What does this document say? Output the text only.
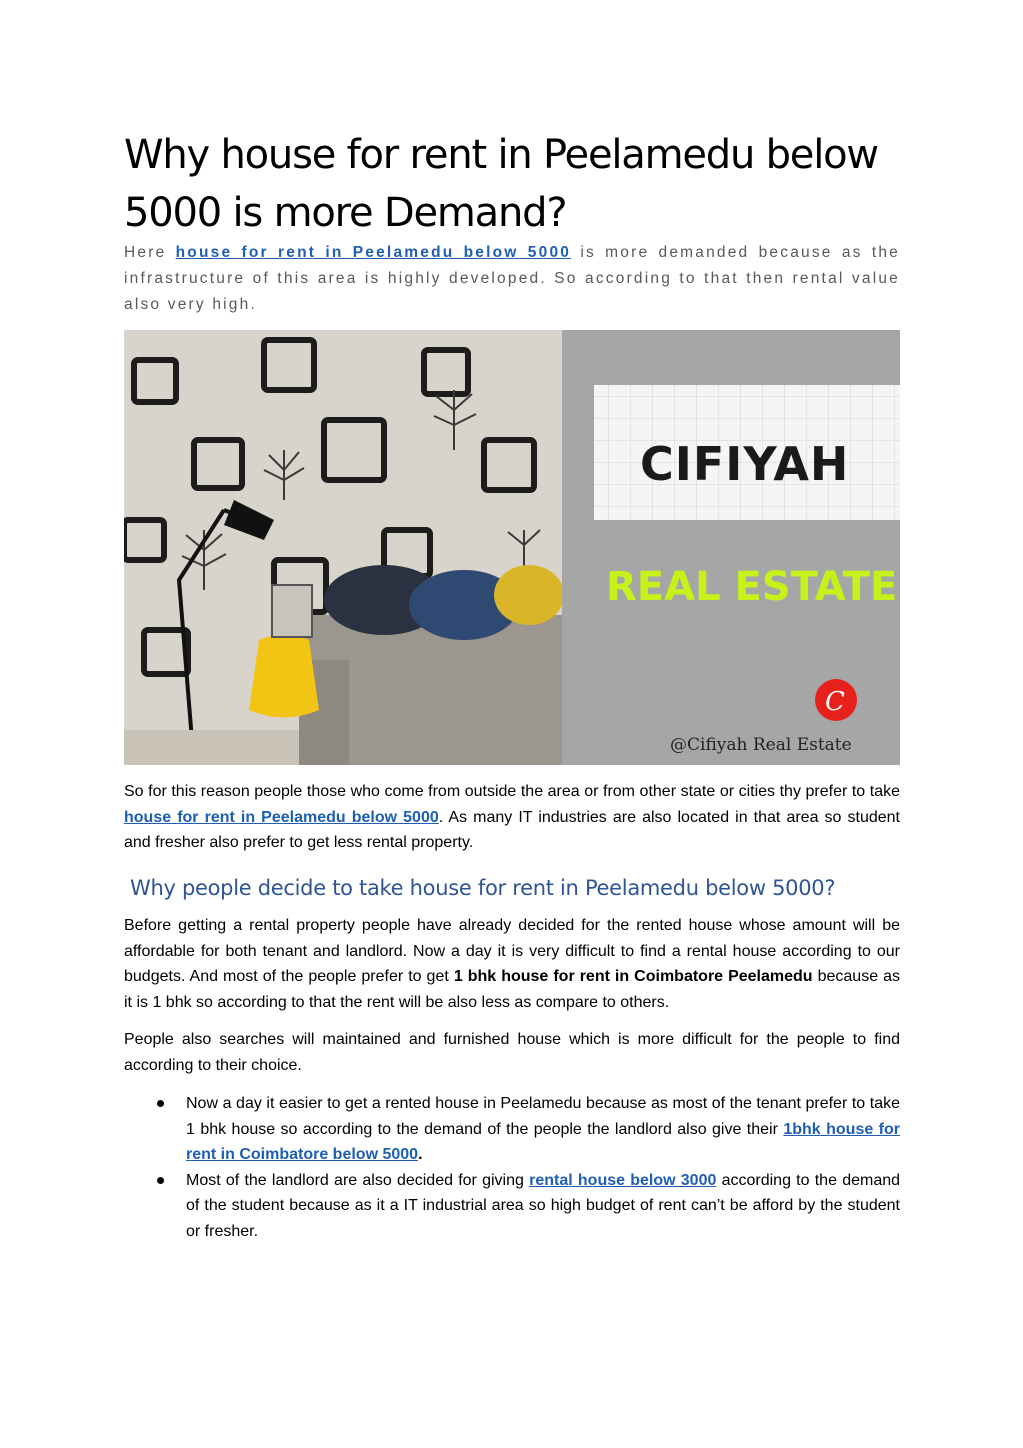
Why house for rent in Peelamedu below 5000 is more Demand?

Here house for rent in Peelamedu below 5000 is more demanded because as the infrastructure of this area is highly developed. So according to that then rental value also very high.

CIFIYAH
REAL ESTATE
C
@Cifiyah Real Estate

So for this reason people those who come from outside the area or from other state or cities thy prefer to take house for rent in Peelamedu below 5000. As many IT industries are also located in that area so student and fresher also prefer to get less rental property.

Why people decide to take house for rent in Peelamedu below 5000?

Before getting a rental property people have already decided for the rented house whose amount will be affordable for both tenant and landlord. Now a day it is very difficult to find a rental house according to our budgets. And most of the people prefer to get 1 bhk house for rent in Coimbatore Peelamedu because as it is 1 bhk so according to that the rent will be also less as compare to others.

People also searches will maintained and furnished house which is more difficult for the people to find according to their choice.

Now a day it easier to get a rented house in Peelamedu because as most of the tenant prefer to take 1 bhk house so according to the demand of the people the landlord also give their 1bhk house for rent in Coimbatore below 5000.
Most of the landlord are also decided for giving rental house below 3000 according to the demand of the student because as it a IT industrial area so high budget of rent can’t be afford by the student or fresher.
